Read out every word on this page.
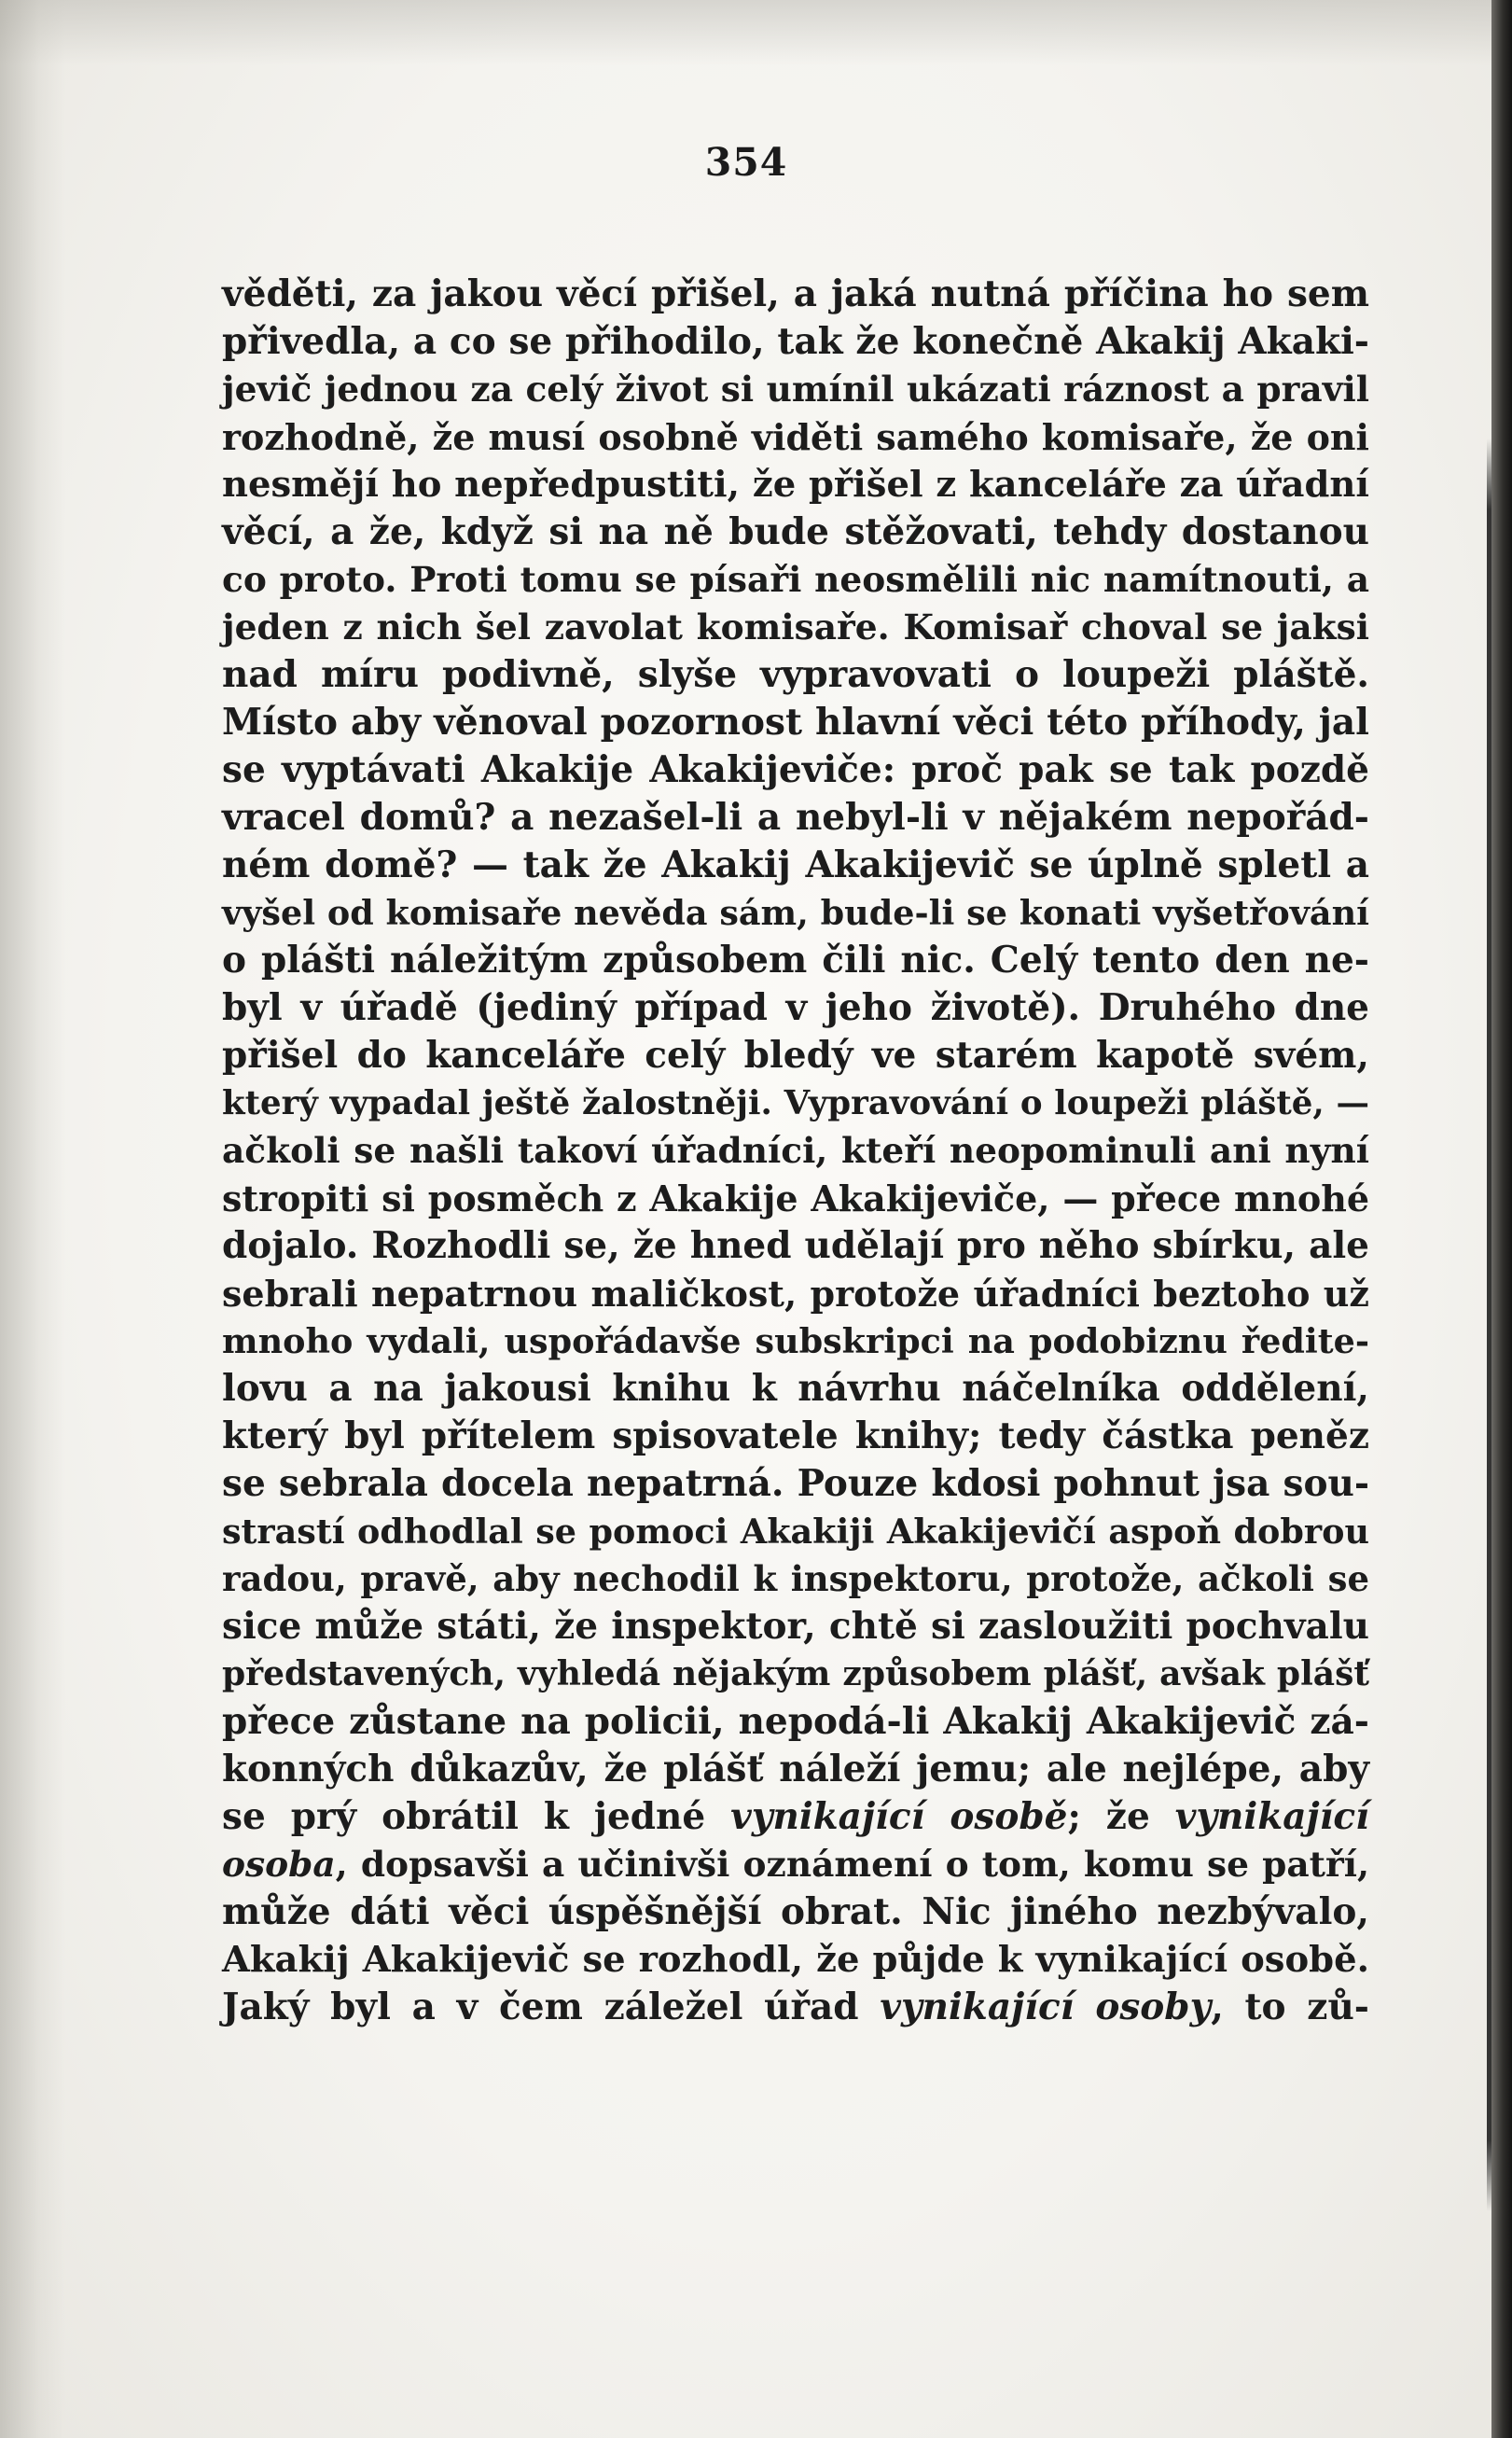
354
věděti, za jakou věcí přišel, a jaká nutná příčina ho sem
přivedla, a co se přihodilo, tak že konečně Akakij Akaki-
jevič jednou za celý život si umínil ukázati ráznost a pravil
rozhodně, že musí osobně viděti samého komisaře, že oni
nesmějí ho nepředpustiti, že přišel z kanceláře za úřadní
věcí, a že, když si na ně bude stěžovati, tehdy dostanou
co proto. Proti tomu se písaři neosmělili nic namítnouti, a
jeden z nich šel zavolat komisaře. Komisař choval se jaksi
nad míru podivně, slyše vypravovati o loupeži pláště.
Místo aby věnoval pozornost hlavní věci této příhody, jal
se vyptávati Akakije Akakijeviče: proč pak se tak pozdě
vracel domů? a nezašel-li a nebyl-li v nějakém nepořád-
ném domě? — tak že Akakij Akakijevič se úplně spletl a
vyšel od komisaře nevěda sám, bude-li se konati vyšetřování
o plášti náležitým způsobem čili nic. Celý tento den ne-
byl v úřadě (jediný případ v jeho životě). Druhého dne
přišel do kanceláře celý bledý ve starém kapotě svém,
který vypadal ještě žalostněji. Vypravování o loupeži pláště, —
ačkoli se našli takoví úřadníci, kteří neopominuli ani nyní
stropiti si posměch z Akakije Akakijeviče, — přece mnohé
dojalo. Rozhodli se, že hned udělají pro něho sbírku, ale
sebrali nepatrnou maličkost, protože úřadníci beztoho už
mnoho vydali, uspořádavše subskripci na podobiznu ředite-
lovu a na jakousi knihu k návrhu náčelníka oddělení,
který byl přítelem spisovatele knihy; tedy částka peněz
se sebrala docela nepatrná. Pouze kdosi pohnut jsa sou-
strastí odhodlal se pomoci Akakiji Akakijevičí aspoň dobrou
radou, pravě, aby nechodil k inspektoru, protože, ačkoli se
sice může státi, že inspektor, chtě si zasloužiti pochvalu
představených, vyhledá nějakým způsobem plášť, avšak plášť
přece zůstane na policii, nepodá-li Akakij Akakijevič zá-
konných důkazův, že plášť náleží jemu; ale nejlépe, aby
se prý obrátil k jedné vynikající osobě; že vynikající
osoba, dopsavši a učinivši oznámení o tom, komu se patří,
může dáti věci úspěšnější obrat. Nic jiného nezbývalo,
Akakij Akakijevič se rozhodl, že půjde k vynikající osobě.
Jaký byl a v čem záležel úřad vynikající osoby, to zů-
